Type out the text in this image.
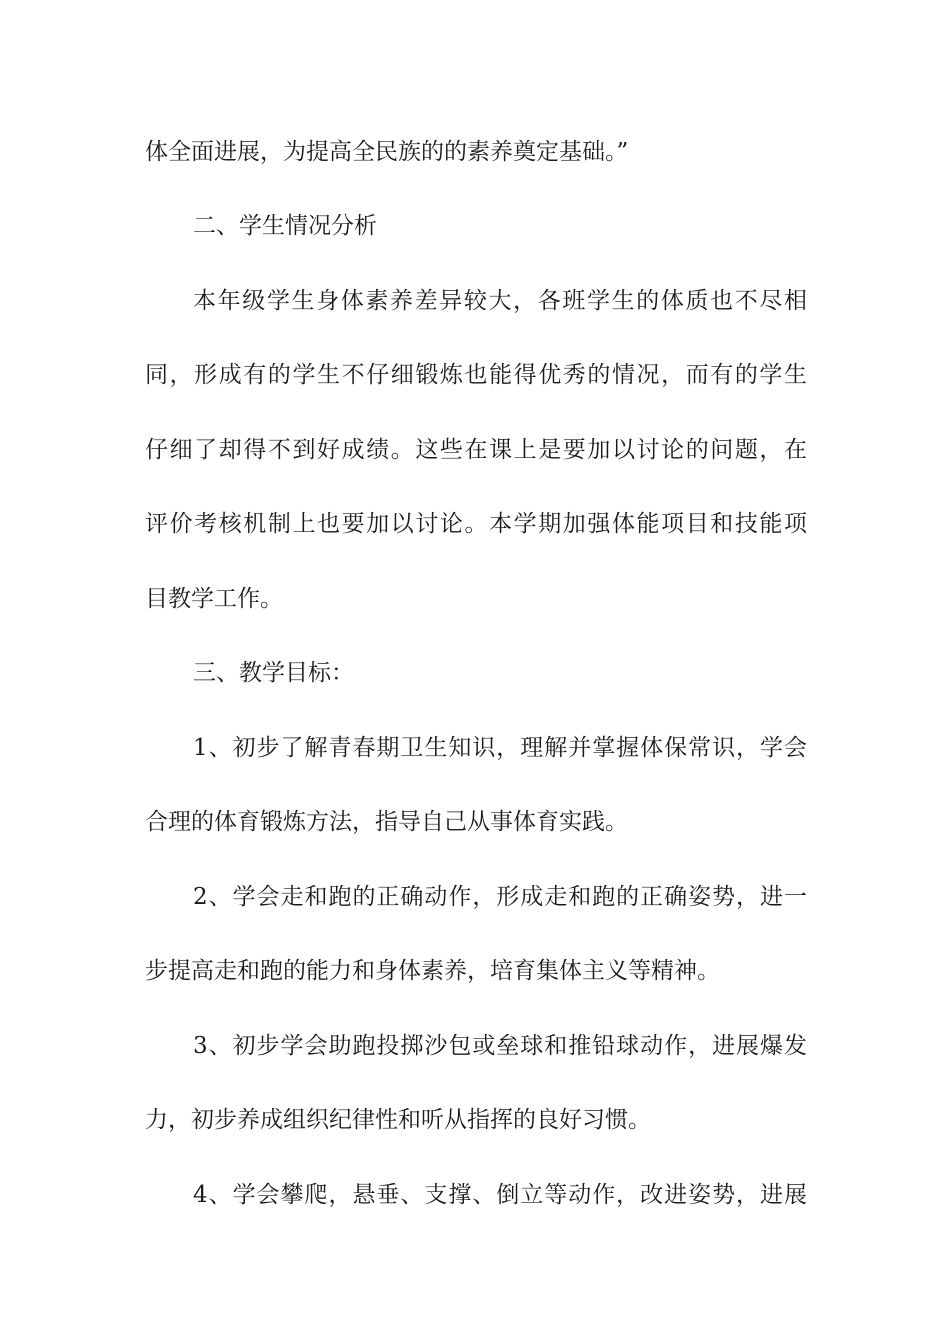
体全面进展，为提高全民族的的素养奠定基础。”
二、学生情况分析
本年级学生身体素养差异较大，各班学生的体质也不尽相
同，形成有的学生不仔细锻炼也能得优秀的情况，而有的学生
仔细了却得不到好成绩。这些在课上是要加以讨论的问题，在
评价考核机制上也要加以讨论。本学期加强体能项目和技能项
目教学工作。
三、教学目标：
1、初步了解青春期卫生知识，理解并掌握体保常识，学会
合理的体育锻炼方法，指导自己从事体育实践。
2、学会走和跑的正确动作，形成走和跑的正确姿势，进一
步提高走和跑的能力和身体素养，培育集体主义等精神。
3、初步学会助跑投掷沙包或垒球和推铅球动作，进展爆发
力，初步养成组织纪律性和听从指挥的良好习惯。
4、学会攀爬，悬垂、支撑、倒立等动作，改进姿势，进展
